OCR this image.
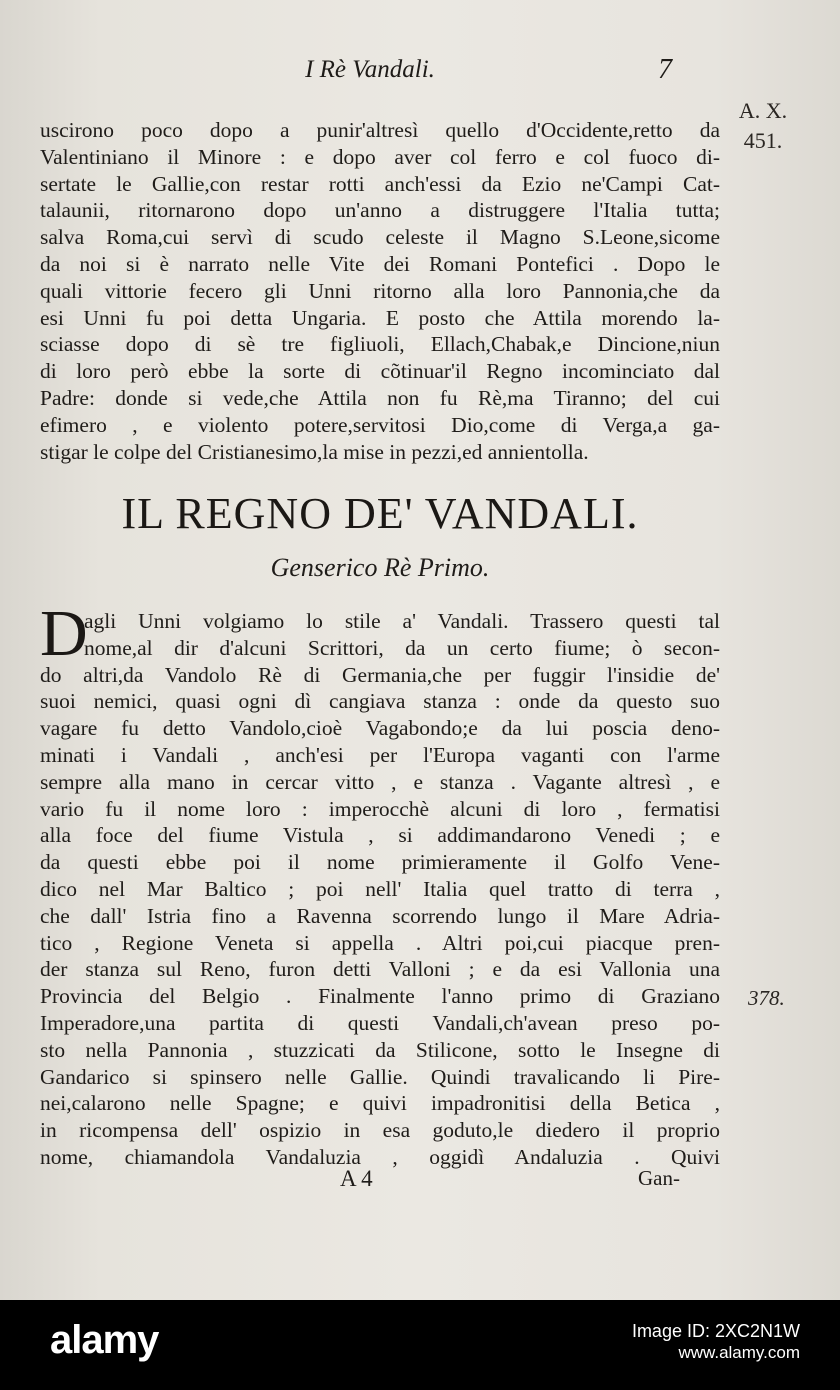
I Rè Vandali.	7
A. X.
451.
uscirono poco dopo a punir'altresì quello d'Occidente,retto da
Valentiniano il Minore : e dopo aver col ferro e col fuoco di-
sertate le Gallie,con restar rotti anch'essi da Ezio ne'Campi Cat-
talaunii, ritornarono dopo un'anno a distruggere l'Italia tutta;
salva Roma,cui servì di scudo celeste il Magno S.Leone,sicome
da noi si è narrato nelle Vite dei Romani Pontefici . Dopo le
quali vittorie fecero gli Unni ritorno alla loro Pannonia,che da
esi Unni fu poi detta Ungaria. E posto che Attila morendo la-
sciasse dopo di sè tre figliuoli, Ellach,Chabak,e Dincione,niun
di loro però ebbe la sorte di cõtinuar'il Regno incominciato dal
Padre: donde si vede,che Attila non fu Rè,ma Tiranno; del cui
efimero , e violento potere,servitosi Dio,come di Verga,a ga-
stigar le colpe del Cristianesimo,la mise in pezzi,ed annientolla.
IL REGNO DE' VANDALI.
Genserico Rè Primo.
D
agli Unni volgiamo lo stile a' Vandali. Trassero questi tal
nome,al dir d'alcuni Scrittori, da un certo fiume; ò secon-
do altri,da Vandolo Rè di Germania,che per fuggir l'insidie de'
suoi nemici, quasi ogni dì cangiava stanza : onde da questo suo
vagare fu detto Vandolo,cioè Vagabondo;e da lui poscia deno-
minati i Vandali , anch'esi per l'Europa vaganti con l'arme
sempre alla mano in cercar vitto , e stanza . Vagante altresì , e
vario fu il nome loro : imperocchè alcuni di loro , fermatisi
alla foce del fiume Vistula , si addimandarono Venedi ; e
da questi ebbe poi il nome primieramente il Golfo Vene-
dico nel Mar Baltico ; poi nell' Italia quel tratto di terra ,
che dall' Istria fino a Ravenna scorrendo lungo il Mare Adria-
tico , Regione Veneta si appella . Altri poi,cui piacque pren-
der stanza sul Reno, furon detti Valloni ; e da esi Vallonia una
Provincia del Belgio . Finalmente l'anno primo di Graziano
Imperadore,una partita di questi Vandali,ch'avean preso po-
sto nella Pannonia , stuzzicati da Stilicone, sotto le Insegne di
Gandarico si spinsero nelle Gallie. Quindi travalicando li Pire-
nei,calarono nelle Spagne; e quivi impadronitisi della Betica ,
in ricompensa dell' ospizio in esa goduto,le diedero il proprio
nome, chiamandola Vandaluzia , oggidì Andaluzia . Quivi
378.
A 4	Gan-
alamy	Image ID: 2XC2N1W
www.alamy.com
